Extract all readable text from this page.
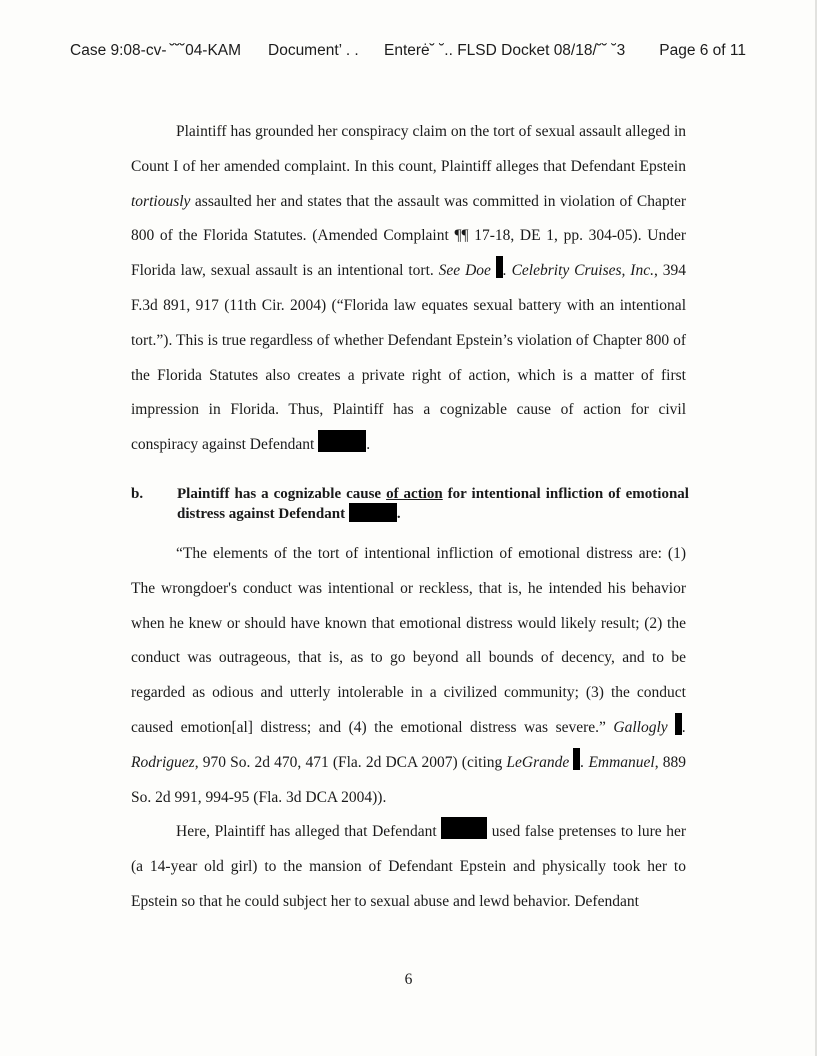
Case 9:08-cv- ˘˘˘04-KAM Document’ . . Enterė˘ ˘.. FLSD Docket 08/18/˘˘ ˘3 Page 6 of 11
Plaintiff has grounded her conspiracy claim on the tort of sexual assault alleged in Count I of her amended complaint. In this count, Plaintiff alleges that Defendant Epstein tortiously assaulted her and states that the assault was committed in violation of Chapter 800 of the Florida Statutes. (Amended Complaint ¶¶ 17-18, DE 1, pp. 304-05). Under Florida law, sexual assault is an intentional tort. See Doe . Celebrity Cruises, Inc., 394 F.3d 891, 917 (11th Cir. 2004) (“Florida law equates sexual battery with an intentional tort.”). This is true regardless of whether Defendant Epstein’s violation of Chapter 800 of the Florida Statutes also creates a private right of action, which is a matter of first impression in Florida. Thus, Plaintiff has a cognizable cause of action for civil conspiracy against Defendant	.
b. Plaintiff has a cognizable cause of action for intentional infliction of emotional distress against Defendant	.
“The elements of the tort of intentional infliction of emotional distress are: (1) The wrongdoer's conduct was intentional or reckless, that is, he intended his behavior when he knew or should have known that emotional distress would likely result; (2) the conduct was outrageous, that is, as to go beyond all bounds of decency, and to be regarded as odious and utterly intolerable in a civilized community; (3) the conduct caused emotion[al] distress; and (4) the emotional distress was severe.” Gallogly . Rodriguez, 970 So. 2d 470, 471 (Fla. 2d DCA 2007) (citing LeGrande . Emmanuel, 889 So. 2d 991, 994-95 (Fla. 3d DCA 2004)).
Here, Plaintiff has alleged that Defendant	used false pretenses to lure her (a 14-year old girl) to the mansion of Defendant Epstein and physically took her to Epstein so that he could subject her to sexual abuse and lewd behavior. Defendant
6
